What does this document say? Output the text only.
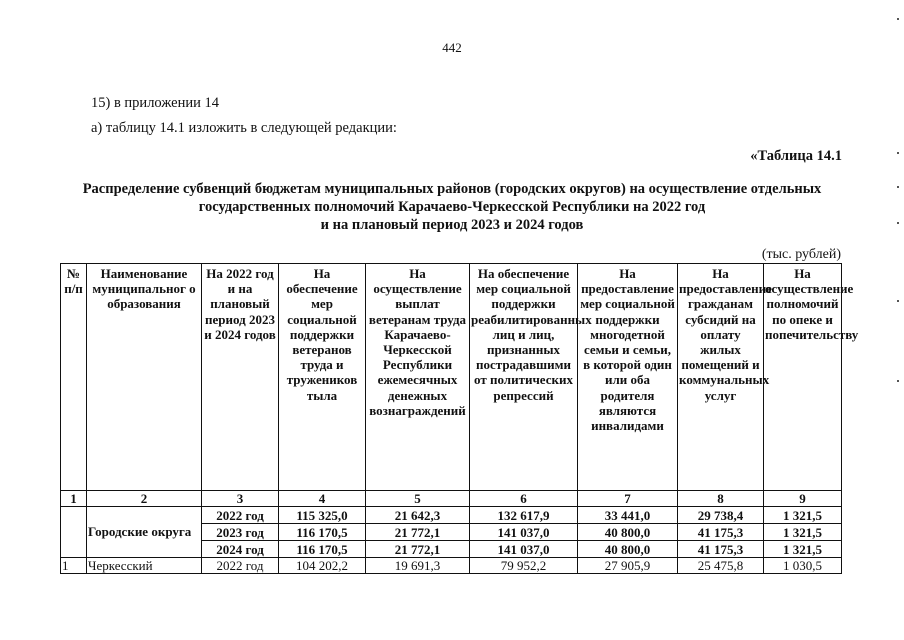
442
15) в приложении 14
а) таблицу 14.1 изложить в следующей редакции:
«Таблица 14.1
Распределение субвенций бюджетам муниципальных районов (городских округов) на осуществление отдельных
государственных полномочий Карачаево-Черкесской Республики на 2022 год
и на плановый период 2023 и 2024 годов
(тыс. рублей)
№ п/п	Наименование муниципальног о образования	На 2022 год и на плановый период 2023 и 2024 годов	На обеспечение мер социальной поддержки ветеранов труда и тружеников тыла	На осуществление выплат ветеранам труда Карачаево-Черкесской Республики ежемесячных денежных вознаграждений	На обеспечение мер социальной поддержки реабилитированных лиц и лиц, признанных пострадавшими от политических репрессий	На предоставление мер социальной поддержки многодетной семьи и семьи, в которой один или оба родителя являются инвалидами	На предоставление гражданам субсидий на оплату жилых помещений и коммунальных услуг	На осуществление полномочий по опеке и попечительству
1	2	3	4	5	6	7	8	9
	Городские округа	2022 год	115 325,0	21 642,3	132 617,9	33 441,0	29 738,4	1 321,5
		2023 год	116 170,5	21 772,1	141 037,0	40 800,0	41 175,3	1 321,5
		2024 год	116 170,5	21 772,1	141 037,0	40 800,0	41 175,3	1 321,5
1	Черкесский	2022 год	104 202,2	19 691,3	79 952,2	27 905,9	25 475,8	1 030,5
